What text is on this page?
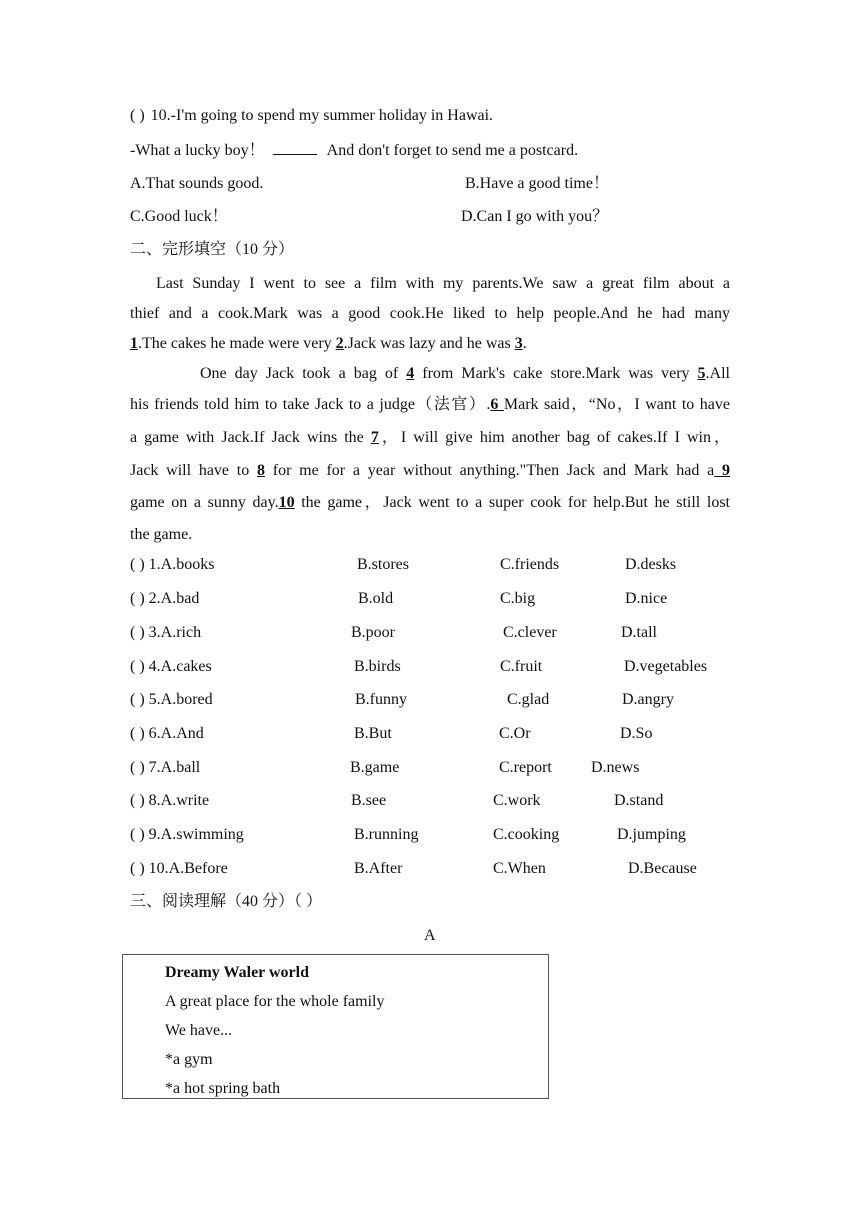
( ) 10.-I'm going to spend my summer holiday in Hawai.
-What a lucky boy！	And don't forget to send me a postcard.
A.That sounds good.	B.Have a good time！
C.Good luck！	D.Can I go with you？
二、完形填空（10 分）
Last Sunday I went to see a film with my parents.We saw a great film about a
thief and a cook.Mark was a good cook.He liked to help people.And he had many
1.The cakes he made were very 2.Jack was lazy and he was 3.
One day Jack took a bag of 4 from Mark's cake store.Mark was very 5.All
his friends told him to take Jack to a judge（法官）.6 Mark said，“No，I want to have
a game with Jack.If Jack wins the 7，I will give him another bag of cakes.If I win，
Jack will have to 8 for me for a year without anything."Then Jack and Mark had a 9
game on a sunny day.10 the game，Jack went to a super cook for help.But he still lost
the game.
( ) 1.A.books	B.stores	C.friends	D.desks
( ) 2.A.bad	B.old	C.big	D.nice
( ) 3.A.rich	B.poor	C.clever	D.tall
( ) 4.A.cakes	B.birds	C.fruit	D.vegetables
( ) 5.A.bored	B.funny	C.glad	D.angry
( ) 6.A.And	B.But	C.Or	D.So
( ) 7.A.ball	B.game	C.report D.news
( ) 8.A.write	B.see	C.work	D.stand
( ) 9.A.swimming	B.running	C.cooking	D.jumping
( ) 10.A.Before	B.After	C.When	D.Because
三、阅读理解（40 分）（ ）
A
Dreamy Waler world
A great place for the whole family
We have...
*a gym
*a hot spring bath
